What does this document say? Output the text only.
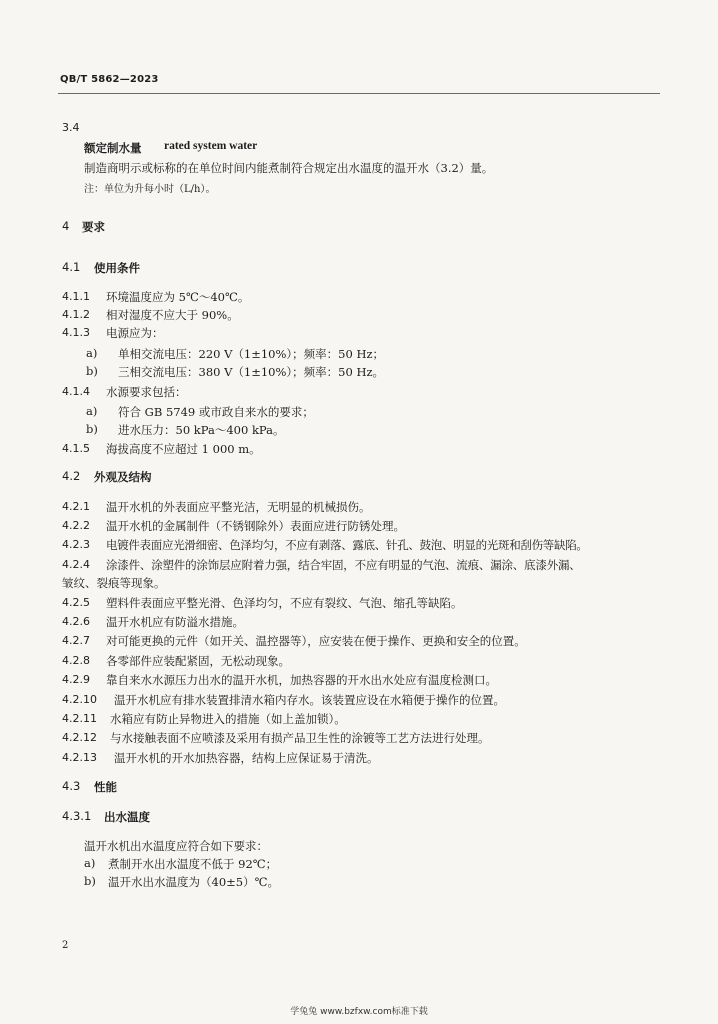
QB/T 5862—2023
3.4
额定制水量 rated system water
制造商明示或标称的在单位时间内能煮制符合规定出水温度的温开水（3.2）量。
注：单位为升每小时（L/h）。
4 要求
4.1 使用条件
4.1.1 环境温度应为 5℃～40℃。
4.1.2 相对湿度不应大于 90%。
4.1.3 电源应为：
a) 单相交流电压：220 V（1±10%）；频率：50 Hz；
b) 三相交流电压：380 V（1±10%）；频率：50 Hz。
4.1.4 水源要求包括：
a) 符合 GB 5749 或市政自来水的要求；
b) 进水压力：50 kPa～400 kPa。
4.1.5 海拔高度不应超过 1 000 m。
4.2 外观及结构
4.2.1 温开水机的外表面应平整光洁，无明显的机械损伤。
4.2.2 温开水机的金属制件（不锈钢除外）表面应进行防锈处理。
4.2.3 电镀件表面应光滑细密、色泽均匀，不应有剥落、露底、针孔、鼓泡、明显的光斑和刮伤等缺陷。
4.2.4 涂漆件、涂塑件的涂饰层应附着力强，结合牢固，不应有明显的气泡、流痕、漏涂、底漆外漏、
皱纹、裂痕等现象。
4.2.5 塑料件表面应平整光滑、色泽均匀，不应有裂纹、气泡、缩孔等缺陷。
4.2.6 温开水机应有防溢水措施。
4.2.7 对可能更换的元件（如开关、温控器等），应安装在便于操作、更换和安全的位置。
4.2.8 各零部件应装配紧固，无松动现象。
4.2.9 靠自来水水源压力出水的温开水机，加热容器的开水出水处应有温度检测口。
4.2.10 温开水机应有排水装置排清水箱内存水。该装置应设在水箱便于操作的位置。
4.2.11 水箱应有防止异物进入的措施（如上盖加锁）。
4.2.12 与水接触表面不应喷漆及采用有损产品卫生性的涂镀等工艺方法进行处理。
4.2.13 温开水机的开水加热容器，结构上应保证易于清洗。
4.3 性能
4.3.1 出水温度
温开水机出水温度应符合如下要求：
a) 煮制开水出水温度不低于 92℃；
b) 温开水出水温度为（40±5）℃。
2
学兔兔 www.bzfxw.com标准下载
